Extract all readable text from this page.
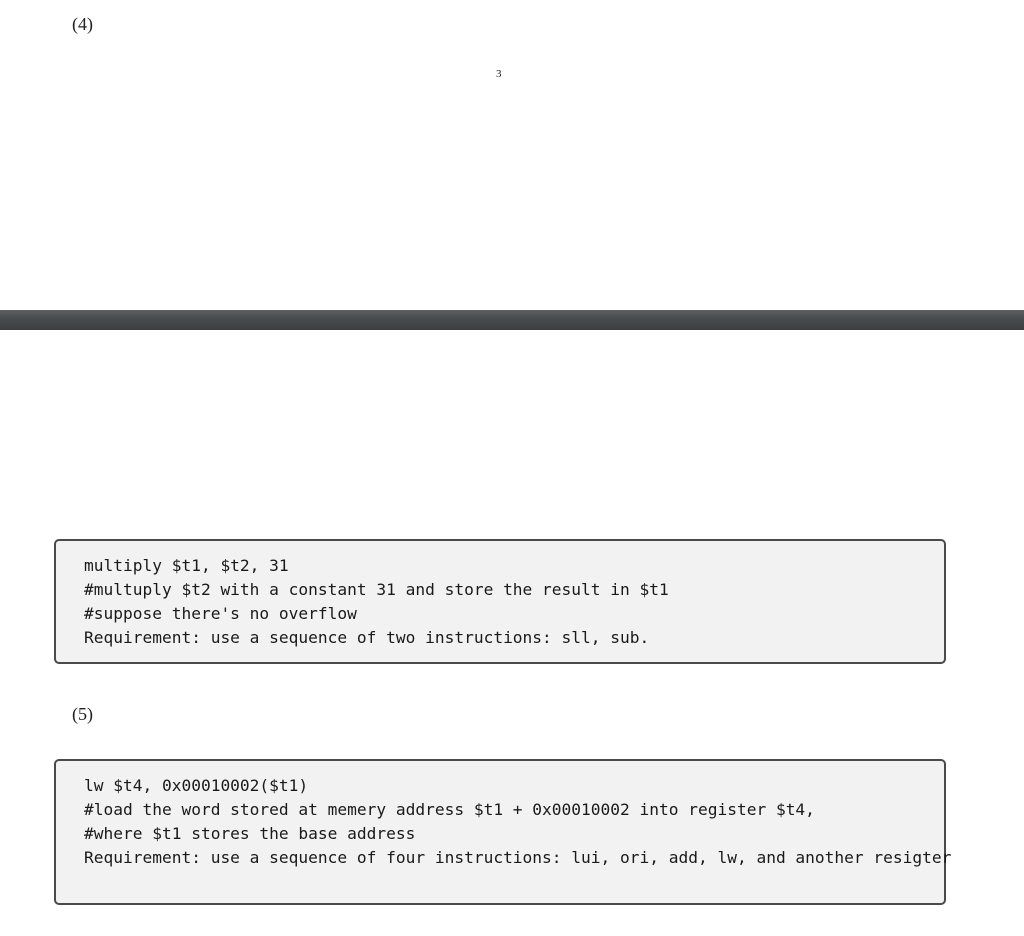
(4)
3
multiply $t1, $t2, 31
#multuply $t2 with a constant 31 and store the result in $t1
#suppose there's no overflow
Requirement: use a sequence of two instructions: sll, sub.
(5)
lw $t4, 0x00010002($t1)
#load the word stored at memery address $t1 + 0x00010002 into register $t4,
#where $t1 stores the base address
Requirement: use a sequence of four instructions: lui, ori, add, lw, and another resigter
